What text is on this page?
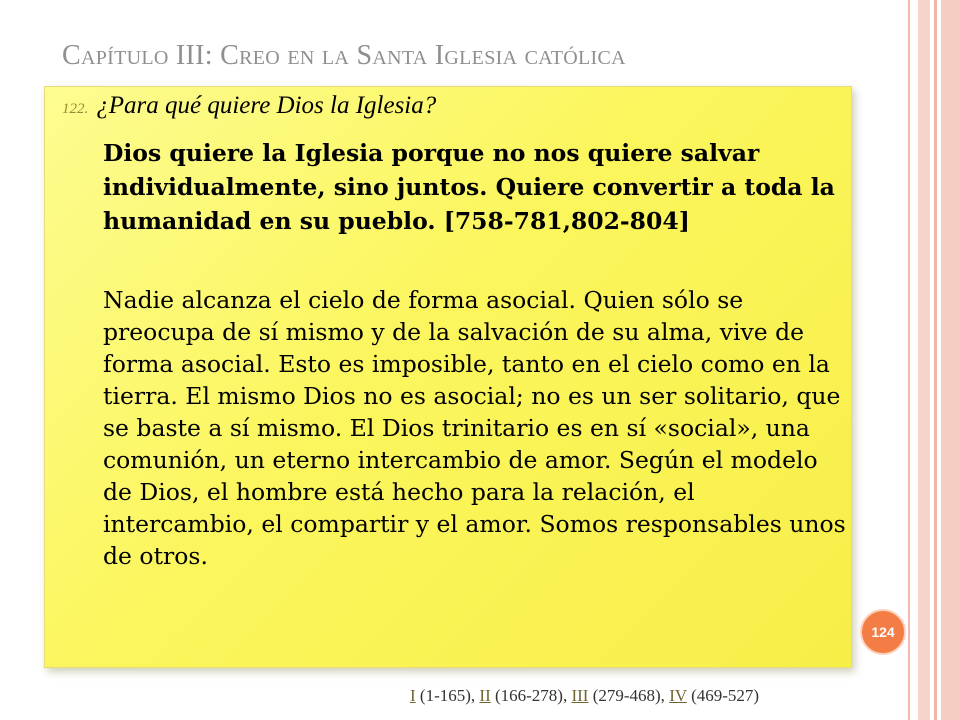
Capítulo III: Creo en la Santa Iglesia católica

122. ¿Para qué quiere Dios la Iglesia?

Dios quiere la Iglesia porque no nos quiere salvar individualmente, sino juntos. Quiere convertir a toda la humanidad en su pueblo. [758-781,802-804]

Nadie alcanza el cielo de forma asocial. Quien sólo se preocupa de sí mismo y de la salvación de su alma, vive de forma asocial. Esto es imposible, tanto en el cielo como en la tierra. El mismo Dios no es asocial; no es un ser solitario, que se baste a sí mismo. El Dios trinitario es en sí «social», una comunión, un eterno intercambio de amor. Según el modelo de Dios, el hombre está hecho para la relación, el intercambio, el compartir y el amor. Somos responsables unos de otros.

124

I (1-165), II (166-278), III (279-468), IV (469-527)
